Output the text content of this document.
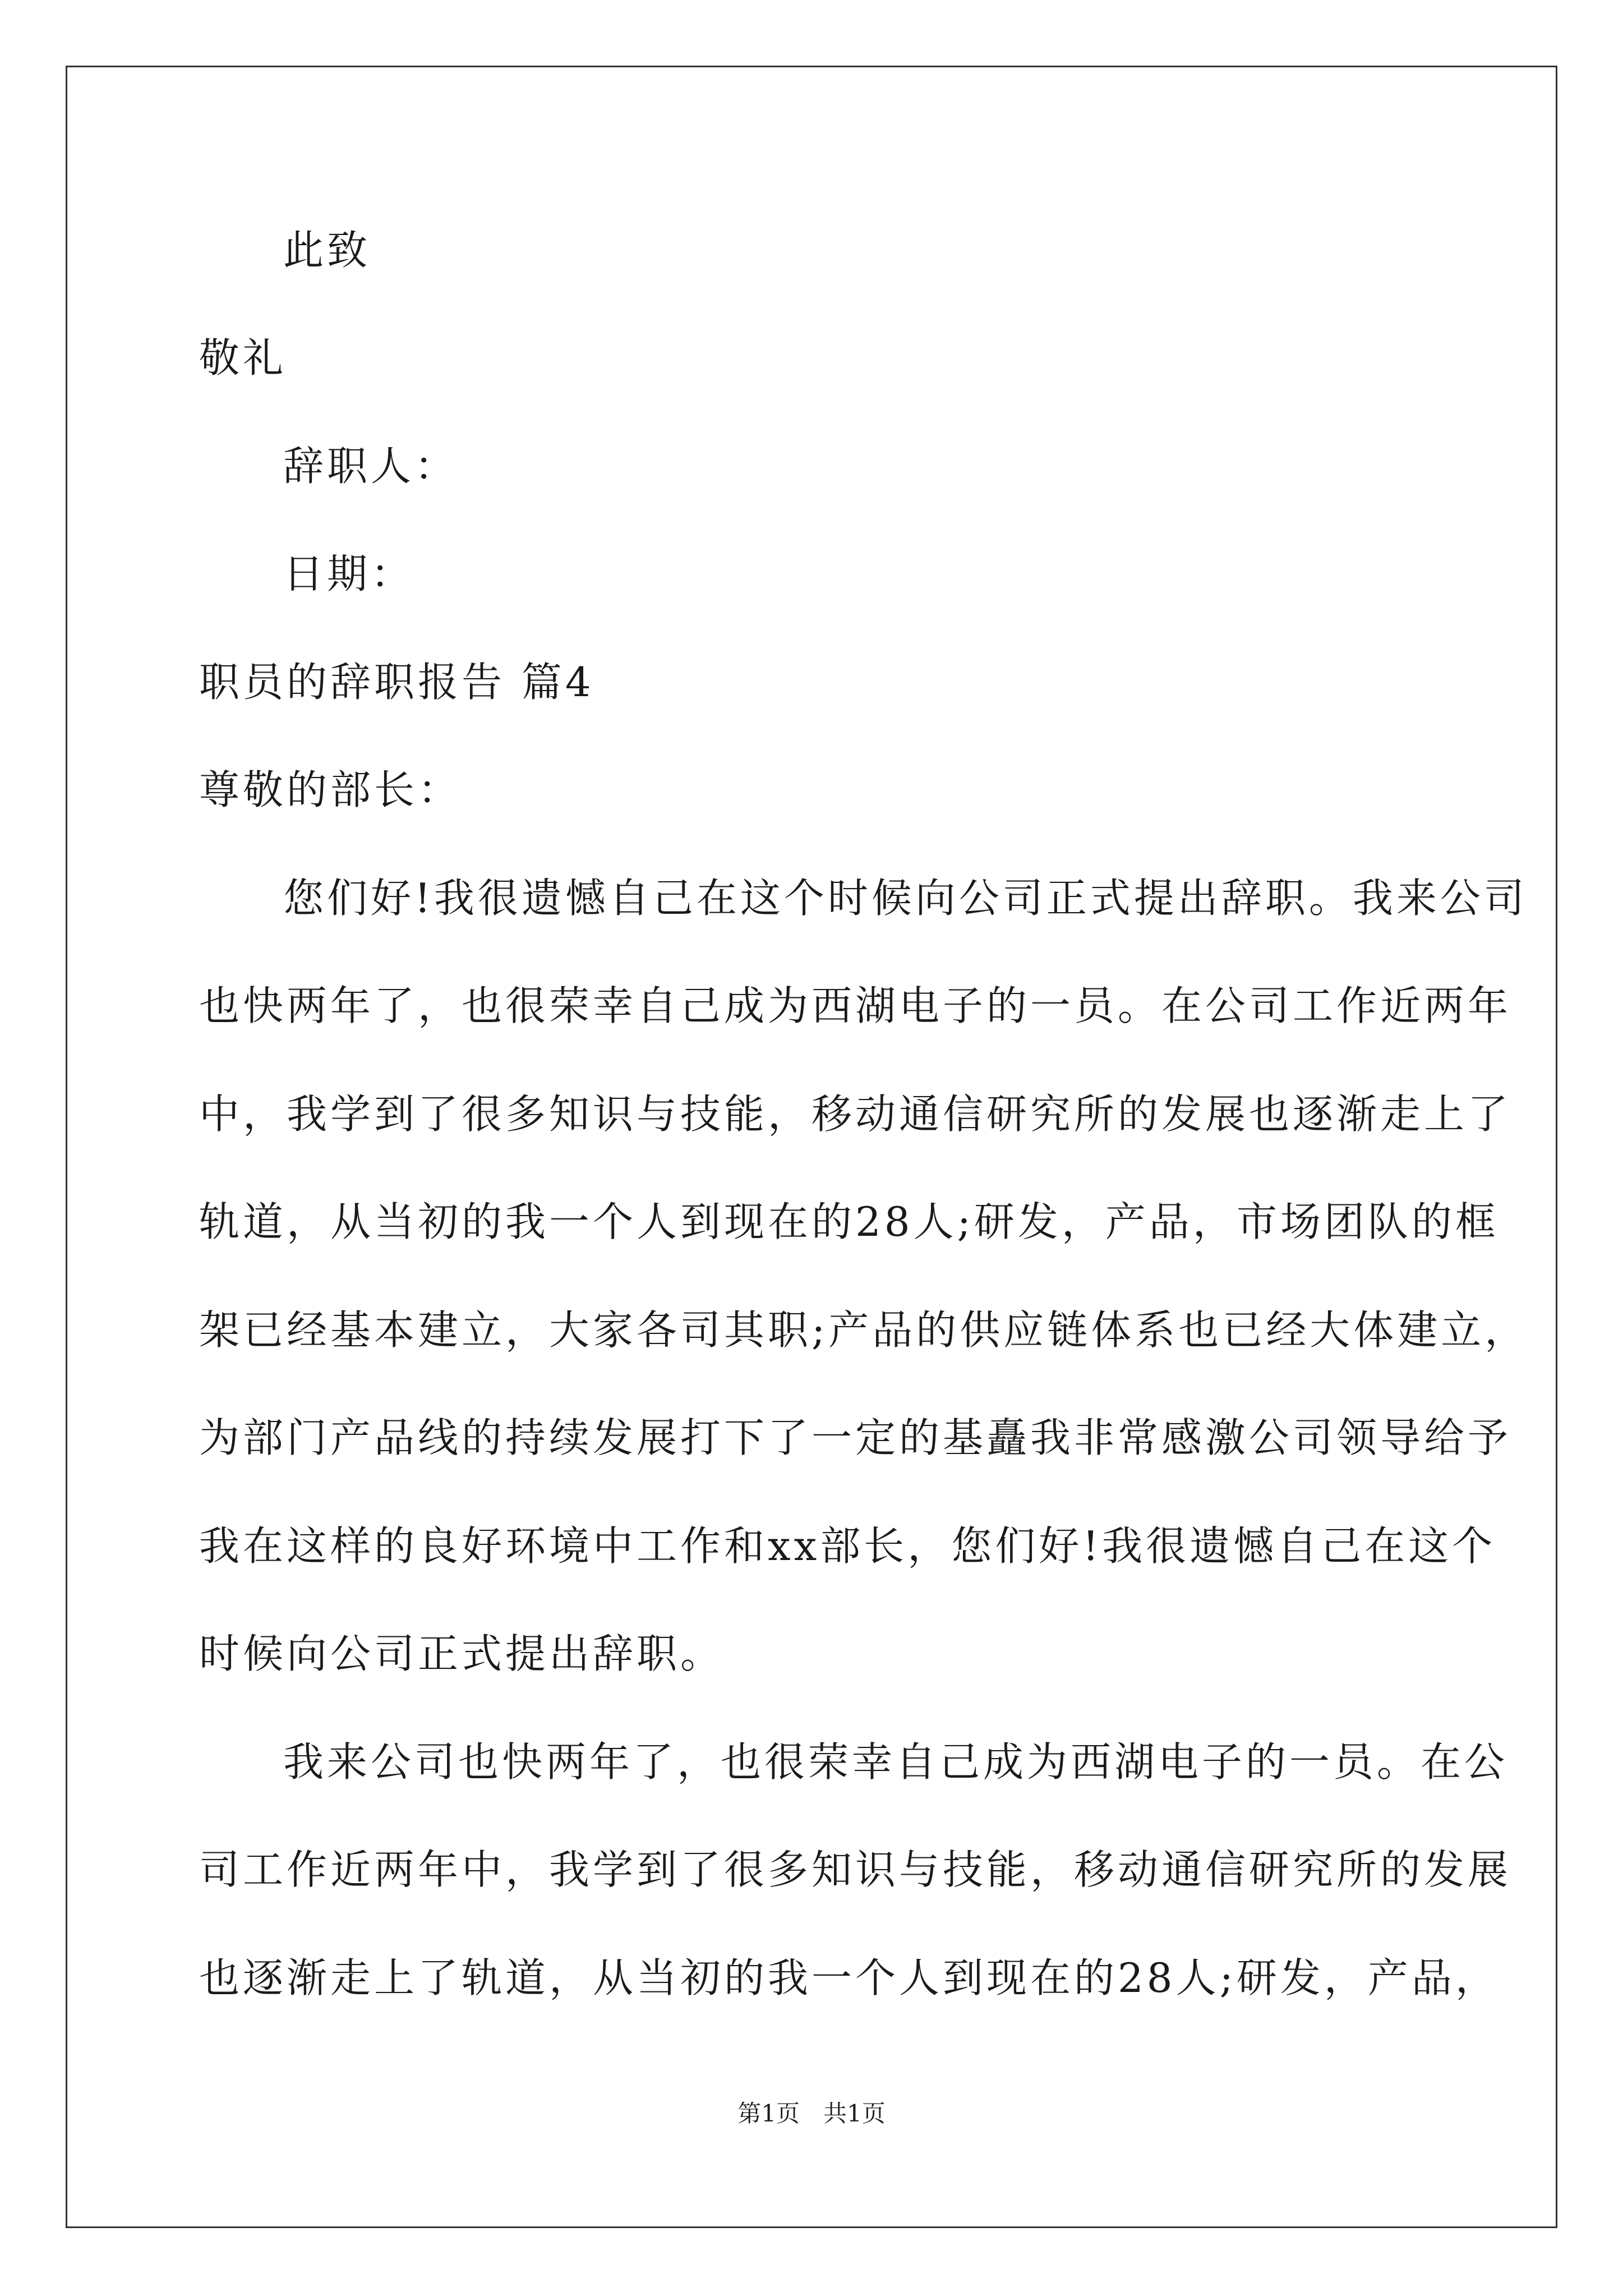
此致
敬礼
辞职人：
日期：
职员的辞职报告 篇4
尊敬的部长：
您们好!我很遗憾自己在这个时候向公司正式提出辞职。我来公司
也快两年了，也很荣幸自己成为西湖电子的一员。在公司工作近两年
中，我学到了很多知识与技能，移动通信研究所的发展也逐渐走上了
轨道，从当初的我一个人到现在的28人;研发，产品，市场团队的框
架已经基本建立，大家各司其职;产品的供应链体系也已经大体建立，
为部门产品线的持续发展打下了一定的基矗我非常感激公司领导给予
我在这样的良好环境中工作和xx部长，您们好!我很遗憾自己在这个
时候向公司正式提出辞职。
我来公司也快两年了，也很荣幸自己成为西湖电子的一员。在公
司工作近两年中，我学到了很多知识与技能，移动通信研究所的发展
也逐渐走上了轨道，从当初的我一个人到现在的28人;研发，产品，
第1页　共1页
